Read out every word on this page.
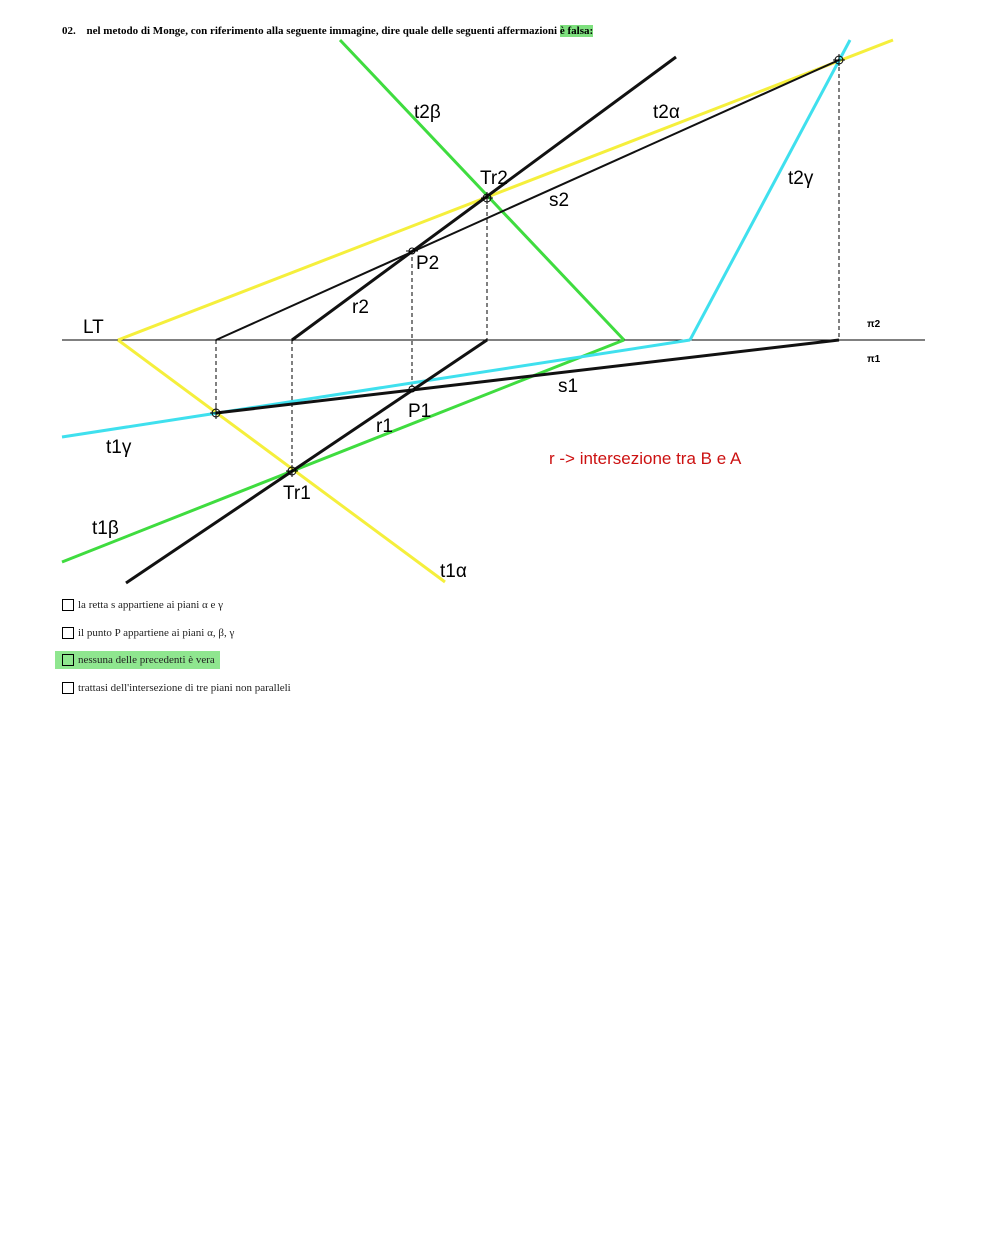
02. nel metodo di Monge, con riferimento alla seguente immagine, dire quale delle seguenti affermazioni è falsa:
t2β	t2α
t2γ
Tr2
s2
P2
r2
LT	π2
π1
s1
P1
r1
t1γ
Tr1
t1β
t1α
r -> intersezione tra B e A
la retta s appartiene ai piani α e γ
il punto P appartiene ai piani α, β, γ
nessuna delle precedenti è vera
trattasi dell'intersezione di tre piani non paralleli
